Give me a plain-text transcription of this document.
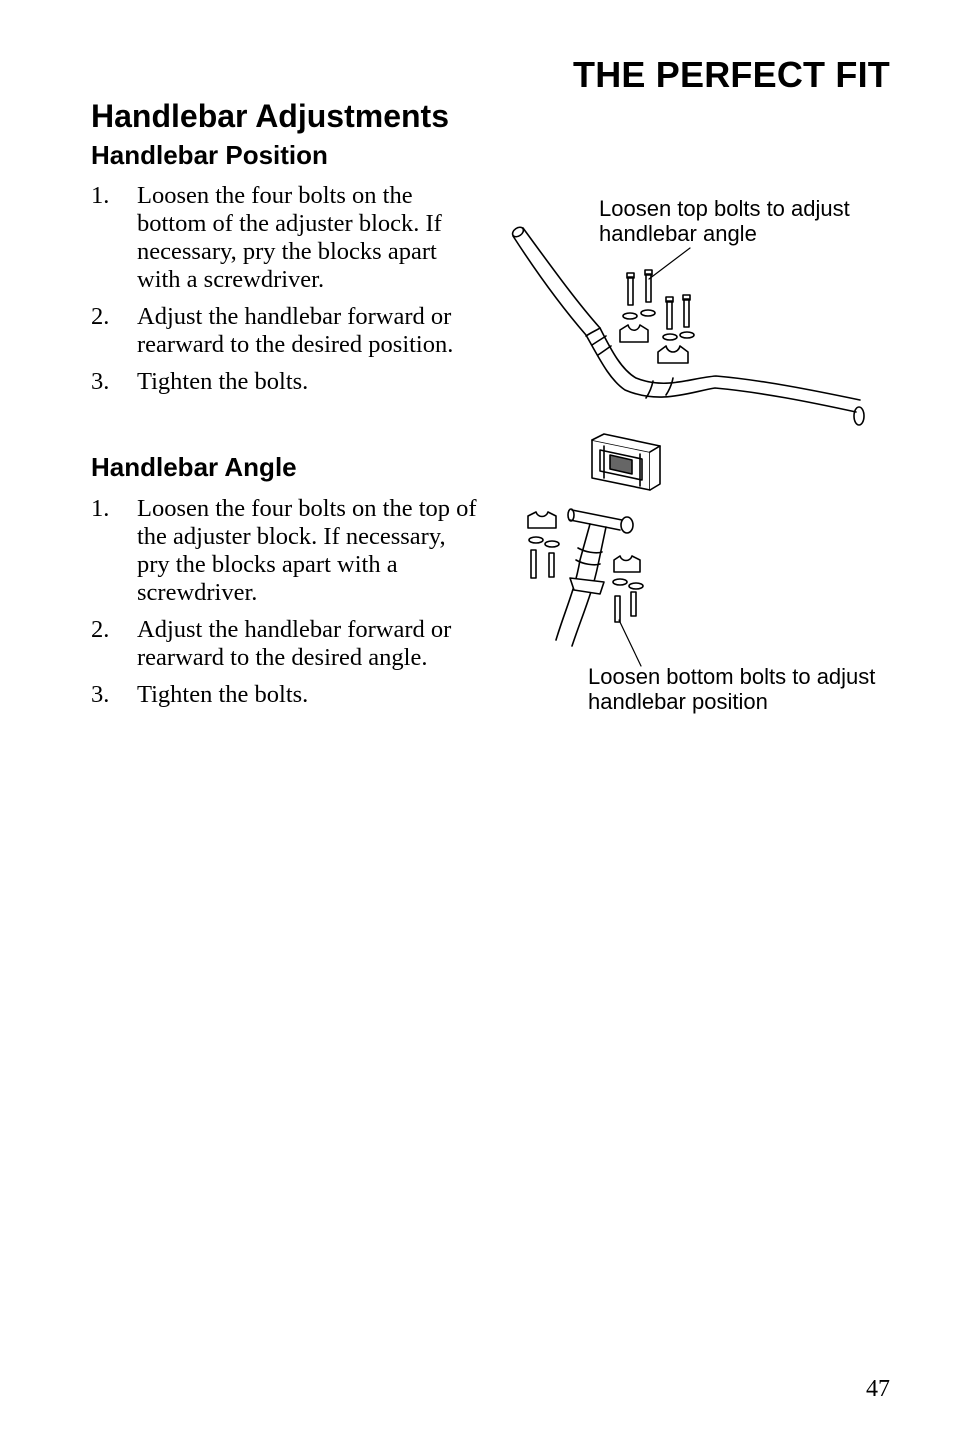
THE PERFECT FIT
Handlebar Adjustments
Handlebar Position
1.	Loosen the four bolts on the bottom of the adjuster block. If necessary, pry the blocks apart with a screwdriver.
2.	Adjust the handlebar forward or rearward to the desired position.
3.	Tighten the bolts.
Handlebar Angle
1.	Loosen the four bolts on the top of the adjuster block. If necessary, pry the blocks apart with a screwdriver.
2.	Adjust the handlebar forward or rearward to the desired angle.
3.	Tighten the bolts.
Loosen top bolts to adjust handlebar angle
Loosen bottom bolts to adjust handlebar position
47
